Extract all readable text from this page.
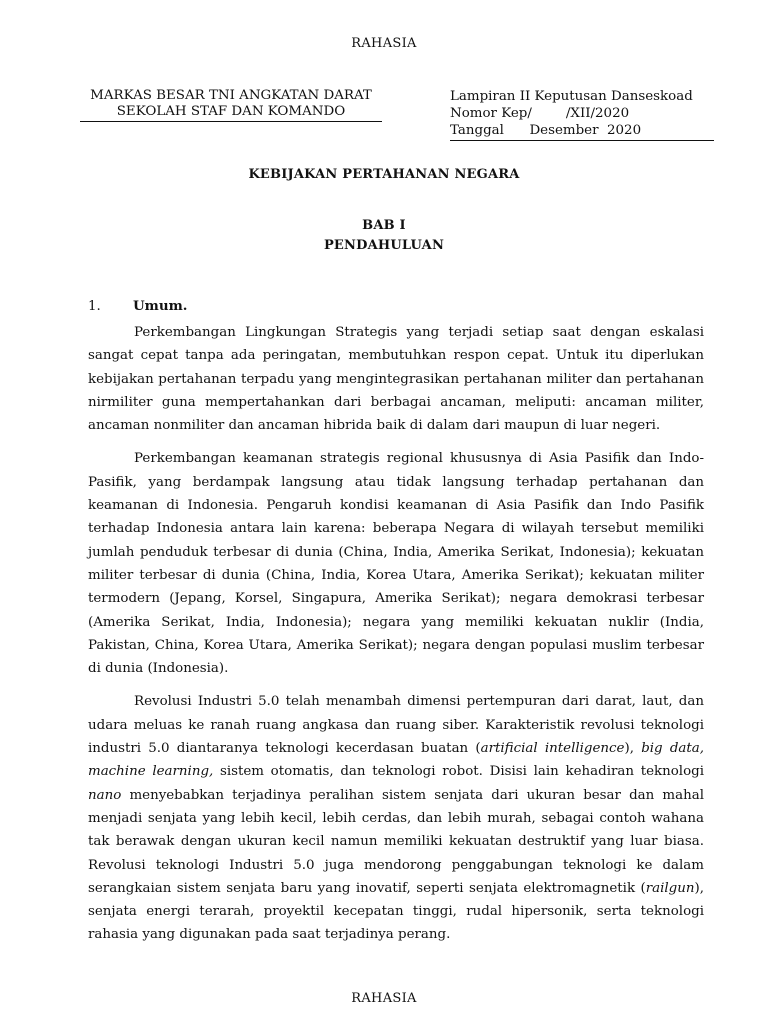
RAHASIA
MARKAS BESAR TNI ANGKATAN DARAT

SEKOLAH STAF DAN KOMANDO
Lampiran II Keputusan Danseskoad
Nomor Kep/        /XII/2020
Tanggal      Desember  2020
KEBIJAKAN PERTAHANAN NEGARA
BAB I
PENDAHULUAN
1. Umum.

Perkembangan Lingkungan Strategis yang terjadi setiap saat dengan eskalasi sangat cepat tanpa ada peringatan, membutuhkan respon cepat. Untuk itu diperlukan kebijakan pertahanan terpadu yang mengintegrasikan pertahanan militer dan pertahanan nirmiliter guna mempertahankan dari berbagai ancaman, meliputi: ancaman militer, ancaman nonmiliter dan ancaman hibrida baik di dalam dari maupun di luar negeri.

Perkembangan keamanan strategis regional khususnya di Asia Pasifik dan Indo-Pasifik, yang berdampak langsung atau tidak langsung terhadap pertahanan dan keamanan di Indonesia. Pengaruh kondisi keamanan di Asia Pasifik dan Indo Pasifik terhadap Indonesia antara lain karena: beberapa Negara di wilayah tersebut memiliki jumlah penduduk terbesar di dunia (China, India, Amerika Serikat, Indonesia); kekuatan militer terbesar di dunia (China, India, Korea Utara, Amerika Serikat); kekuatan militer termodern (Jepang, Korsel, Singapura, Amerika Serikat); negara demokrasi terbesar (Amerika Serikat, India, Indonesia); negara yang memiliki kekuatan nuklir (India, Pakistan, China, Korea Utara, Amerika Serikat); negara dengan populasi muslim terbesar di dunia (Indonesia).

Revolusi Industri 5.0 telah menambah dimensi pertempuran dari darat, laut, dan udara meluas ke ranah ruang angkasa dan ruang siber. Karakteristik revolusi teknologi industri 5.0 diantaranya teknologi kecerdasan buatan (artificial intelligence), big data, machine learning, sistem otomatis, dan teknologi robot. Disisi lain kehadiran teknologi nano menyebabkan terjadinya peralihan sistem senjata dari ukuran besar dan mahal menjadi senjata yang lebih kecil, lebih cerdas, dan lebih murah, sebagai contoh wahana tak berawak dengan ukuran kecil namun memiliki kekuatan destruktif yang luar biasa. Revolusi teknologi Industri 5.0 juga mendorong penggabungan teknologi ke dalam serangkaian sistem senjata baru yang inovatif, seperti senjata elektromagnetik (railgun), senjata energi terarah, proyektil kecepatan tinggi, rudal hipersonik, serta teknologi rahasia yang digunakan pada saat terjadinya perang.

RAHASIA
